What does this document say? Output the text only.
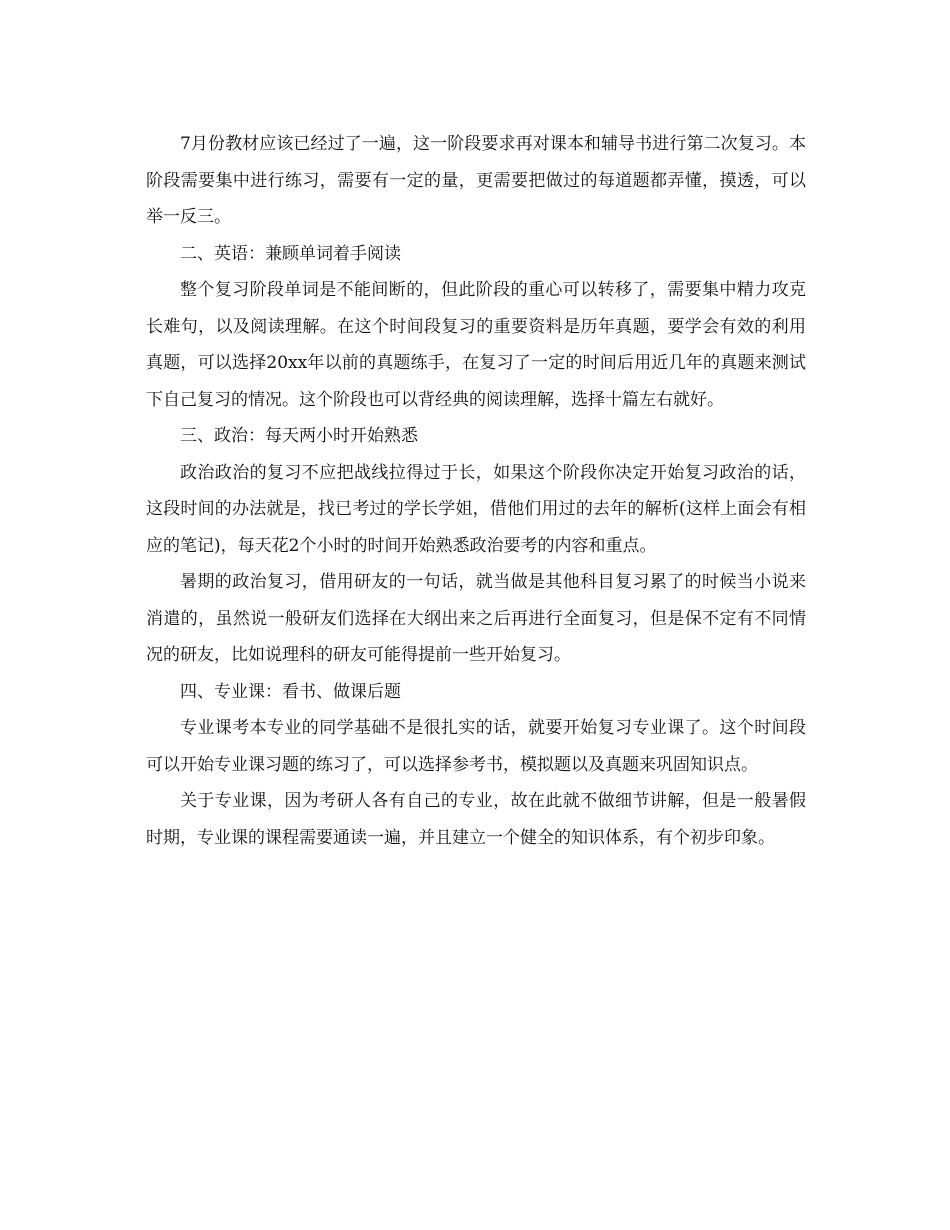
7月份教材应该已经过了一遍，这一阶段要求再对课本和辅导书进行第二次复习。本阶段需要集中进行练习，需要有一定的量，更需要把做过的每道题都弄懂，摸透，可以举一反三。

二、英语：兼顾单词着手阅读

整个复习阶段单词是不能间断的，但此阶段的重心可以转移了，需要集中精力攻克长难句，以及阅读理解。在这个时间段复习的重要资料是历年真题，要学会有效的利用真题，可以选择20xx年以前的真题练手，在复习了一定的时间后用近几年的真题来测试下自己复习的情况。这个阶段也可以背经典的阅读理解，选择十篇左右就好。

三、政治：每天两小时开始熟悉

政治政治的复习不应把战线拉得过于长，如果这个阶段你决定开始复习政治的话，这段时间的办法就是，找已考过的学长学姐，借他们用过的去年的解析(这样上面会有相应的笔记)，每天花2个小时的时间开始熟悉政治要考的内容和重点。

暑期的政治复习，借用研友的一句话，就当做是其他科目复习累了的时候当小说来消遣的，虽然说一般研友们选择在大纲出来之后再进行全面复习，但是保不定有不同情况的研友，比如说理科的研友可能得提前一些开始复习。

四、专业课：看书、做课后题

专业课考本专业的同学基础不是很扎实的话，就要开始复习专业课了。这个时间段可以开始专业课习题的练习了，可以选择参考书，模拟题以及真题来巩固知识点。

关于专业课，因为考研人各有自己的专业，故在此就不做细节讲解，但是一般暑假时期，专业课的课程需要通读一遍，并且建立一个健全的知识体系，有个初步印象。
